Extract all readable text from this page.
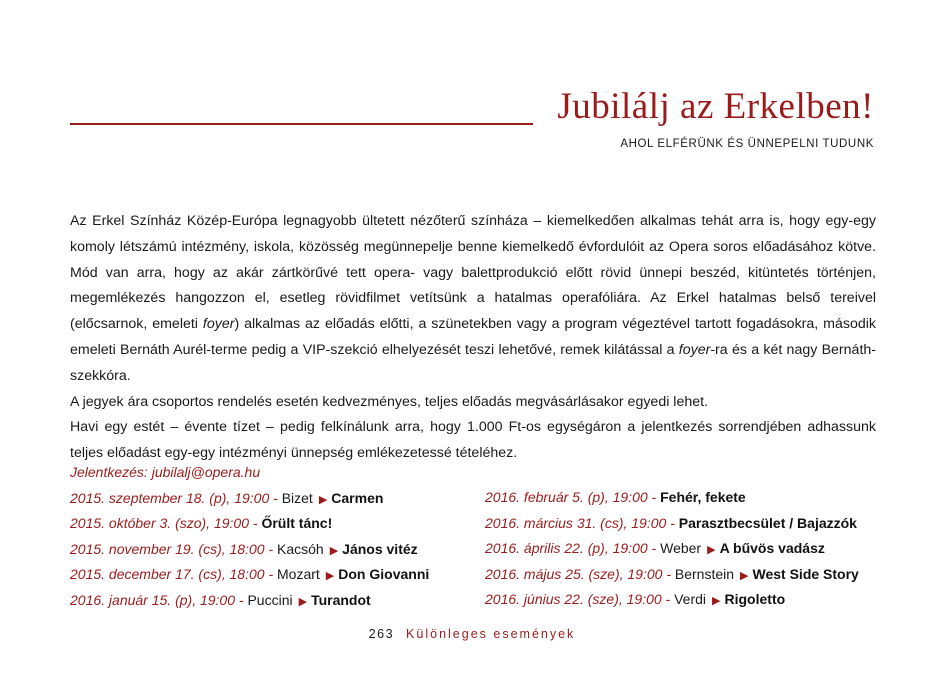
Jubilálj az Erkelben!
AHOL ELFÉRÜNK ÉS ÜNNEPELNI TUDUNK

Az Erkel Színház Közép-Európa legnagyobb ültetett nézőterű színháza – kiemelkedően alkalmas tehát arra is, hogy egy-egy komoly létszámú intézmény, iskola, közösség megünnepelje benne kiemelkedő évfordulóit az Opera soros előadásához kötve. Mód van arra, hogy az akár zártkörűvé tett opera- vagy balettprodukció előtt rövid ünnepi beszéd, kitüntetés történjen, megemlékezés hangozzon el, esetleg rövidfilmet vetítsünk a hatalmas operafóliára. Az Erkel hatalmas belső tereivel (előcsarnok, emeleti foyer) alkalmas az előadás előtti, a szünetekben vagy a program végeztével tartott fogadásokra, második emeleti Bernáth Aurél-terme pedig a VIP-szekció elhelyezését teszi lehetővé, remek kilátással a foyer-ra és a két nagy Bernáth-szekkóra.

A jegyek ára csoportos rendelés esetén kedvezményes, teljes előadás megvásárlásakor egyedi lehet.

Havi egy estét – évente tízet – pedig felkínálunk arra, hogy 1.000 Ft-os egységáron a jelentkezés sorrendjében adhassunk teljes előadást egy-egy intézményi ünnepség emlékezetessé tételéhez.

Jelentkezés: jubilalj@opera.hu
2015. szeptember 18. (p), 19:00 - Bizet ▶ Carmen
2015. október 3. (szo), 19:00 - Őrült tánc!
2015. november 19. (cs), 18:00 - Kacsóh ▶ János vitéz
2015. december 17. (cs), 18:00 - Mozart ▶ Don Giovanni
2016. január 15. (p), 19:00 - Puccini ▶ Turandot
2016. február 5. (p), 19:00 - Fehér, fekete
2016. március 31. (cs), 19:00 - Parasztbecsület / Bajazzók
2016. április 22. (p), 19:00 - Weber ▶ A bűvös vadász
2016. május 25. (sze), 19:00 - Bernstein ▶ West Side Story
2016. június 22. (sze), 19:00 - Verdi ▶ Rigoletto
263 Különleges események
